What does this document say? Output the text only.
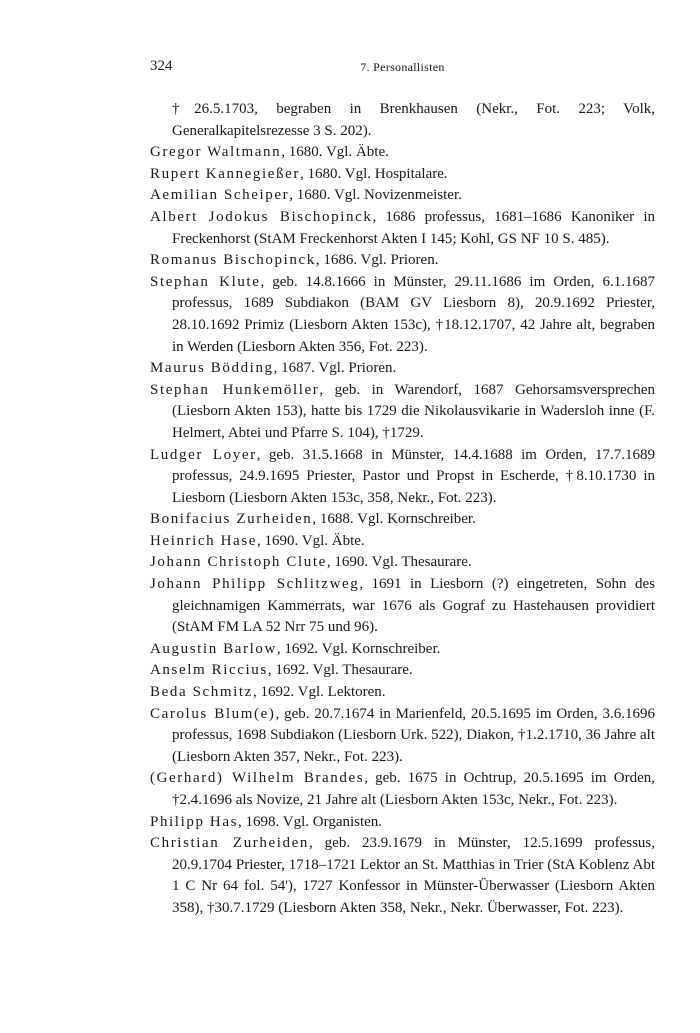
324	7. Personallisten

†26.5.1703, begraben in Brenkhausen (Nekr., Fot. 223; Volk, Generalkapitelsrezesse 3 S. 202).

Gregor Waltmann, 1680. Vgl. Äbte.

Rupert Kannegießer, 1680. Vgl. Hospitalare.

Aemilian Scheiper, 1680. Vgl. Novizenmeister.

Albert Jodokus Bischopinck, 1686 professus, 1681–1686 Kanoniker in Freckenhorst (StAM Freckenhorst Akten I 145; Kohl, GS NF 10 S. 485).

Romanus Bischopinck, 1686. Vgl. Prioren.

Stephan Klute, geb. 14.8.1666 in Münster, 29.11.1686 im Orden, 6.1.1687 professus, 1689 Subdiakon (BAM GV Liesborn 8), 20.9.1692 Priester, 28.10.1692 Primiz (Liesborn Akten 153c), †18.12.1707, 42 Jahre alt, begraben in Werden (Liesborn Akten 356, Fot. 223).

Maurus Bödding, 1687. Vgl. Prioren.

Stephan Hunkemöller, geb. in Warendorf, 1687 Gehorsamsversprechen (Liesborn Akten 153), hatte bis 1729 die Nikolausvikarie in Wadersloh inne (F. Helmert, Abtei und Pfarre S. 104), †1729.

Ludger Loyer, geb. 31.5.1668 in Münster, 14.4.1688 im Orden, 17.7.1689 professus, 24.9.1695 Priester, Pastor und Propst in Escherde, †8.10.1730 in Liesborn (Liesborn Akten 153c, 358, Nekr., Fot. 223).

Bonifacius Zurheiden, 1688. Vgl. Kornschreiber.

Heinrich Hase, 1690. Vgl. Äbte.

Johann Christoph Clute, 1690. Vgl. Thesaurare.

Johann Philipp Schlitzweg, 1691 in Liesborn (?) eingetreten, Sohn des gleichnamigen Kammerrats, war 1676 als Gograf zu Hastehausen providiert (StAM FM LA 52 Nrr 75 und 96).

Augustin Barlow, 1692. Vgl. Kornschreiber.

Anselm Riccius, 1692. Vgl. Thesaurare.

Beda Schmitz, 1692. Vgl. Lektoren.

Carolus Blum(e), geb. 20.7.1674 in Marienfeld, 20.5.1695 im Orden, 3.6.1696 professus, 1698 Subdiakon (Liesborn Urk. 522), Diakon, †1.2.1710, 36 Jahre alt (Liesborn Akten 357, Nekr., Fot. 223).

(Gerhard) Wilhelm Brandes, geb. 1675 in Ochtrup, 20.5.1695 im Orden, †2.4.1696 als Novize, 21 Jahre alt (Liesborn Akten 153c, Nekr., Fot. 223).

Philipp Has, 1698. Vgl. Organisten.

Christian Zurheiden, geb. 23.9.1679 in Münster, 12.5.1699 professus, 20.9.1704 Priester, 1718–1721 Lektor an St. Matthias in Trier (StA Koblenz Abt 1 C Nr 64 fol. 54'), 1727 Konfessor in Münster-Überwasser (Liesborn Akten 358), †30.7.1729 (Liesborn Akten 358, Nekr., Nekr. Überwasser, Fot. 223).
